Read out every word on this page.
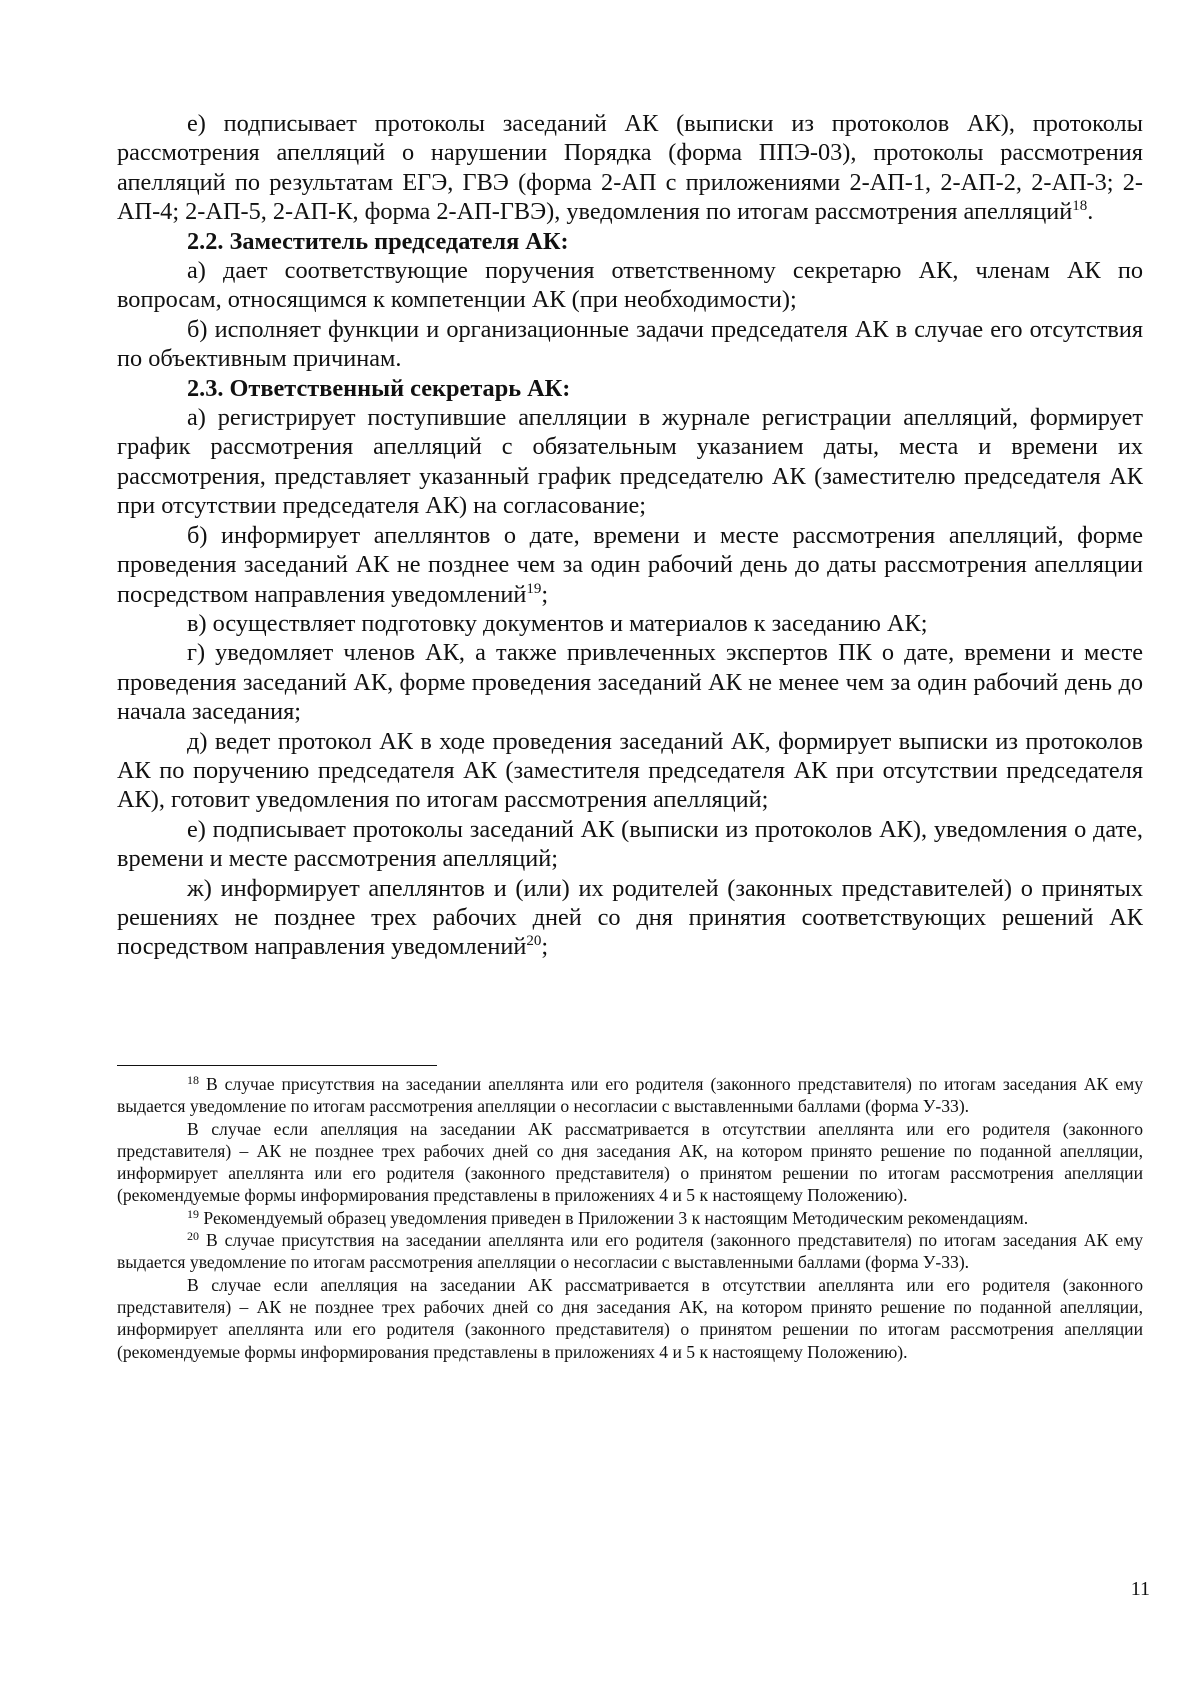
е) подписывает протоколы заседаний АК (выписки из протоколов АК), протоколы рассмотрения апелляций о нарушении Порядка (форма ППЭ-03), протоколы рассмотрения апелляций по результатам ЕГЭ, ГВЭ (форма 2-АП с приложениями 2-АП-1, 2-АП-2, 2-АП-3; 2-АП-4; 2-АП-5, 2-АП-К, форма 2-АП-ГВЭ), уведомления по итогам рассмотрения апелляций$^{18}$.

2.2. Заместитель председателя АК:

а) дает соответствующие поручения ответственному секретарю АК, членам АК по вопросам, относящимся к компетенции АК (при необходимости);

б) исполняет функции и организационные задачи председателя АК в случае его отсутствия по объективным причинам.

2.3. Ответственный секретарь АК:

а) регистрирует поступившие апелляции в журнале регистрации апелляций, формирует график рассмотрения апелляций с обязательным указанием даты, места и времени их рассмотрения, представляет указанный график председателю АК (заместителю председателя АК при отсутствии председателя АК) на согласование;

б) информирует апеллянтов о дате, времени и месте рассмотрения апелляций, форме проведения заседаний АК не позднее чем за один рабочий день до даты рассмотрения апелляции посредством направления уведомлений$^{19}$;

в) осуществляет подготовку документов и материалов к заседанию АК;

г) уведомляет членов АК, а также привлеченных экспертов ПК о дате, времени и месте проведения заседаний АК, форме проведения заседаний АК не менее чем за один рабочий день до начала заседания;

д) ведет протокол АК в ходе проведения заседаний АК, формирует выписки из протоколов АК по поручению председателя АК (заместителя председателя АК при отсутствии председателя АК), готовит уведомления по итогам рассмотрения апелляций;

е) подписывает протоколы заседаний АК (выписки из протоколов АК), уведомления о дате, времени и месте рассмотрения апелляций;

ж) информирует апеллянтов и (или) их родителей (законных представителей) о принятых решениях не позднее трех рабочих дней со дня принятия соответствующих решений АК посредством направления уведомлений$^{20}$;

$^{18}$ В случае присутствия на заседании апеллянта или его родителя (законного представителя) по итогам заседания АК ему выдается уведомление по итогам рассмотрения апелляции о несогласии с выставленными баллами (форма У-33).

В случае если апелляция на заседании АК рассматривается в отсутствии апеллянта или его родителя (законного представителя) – АК не позднее трех рабочих дней со дня заседания АК, на котором принято решение по поданной апелляции, информирует апеллянта или его родителя (законного представителя) о принятом решении по итогам рассмотрения апелляции (рекомендуемые формы информирования представлены в приложениях 4 и 5 к настоящему Положению).

$^{19}$ Рекомендуемый образец уведомления приведен в Приложении 3 к настоящим Методическим рекомендациям.

$^{20}$ В случае присутствия на заседании апеллянта или его родителя (законного представителя) по итогам заседания АК ему выдается уведомление по итогам рассмотрения апелляции о несогласии с выставленными баллами (форма У-33).

В случае если апелляция на заседании АК рассматривается в отсутствии апеллянта или его родителя (законного представителя) – АК не позднее трех рабочих дней со дня заседания АК, на котором принято решение по поданной апелляции, информирует апеллянта или его родителя (законного представителя) о принятом решении по итогам рассмотрения апелляции (рекомендуемые формы информирования представлены в приложениях 4 и 5 к настоящему Положению).

11
